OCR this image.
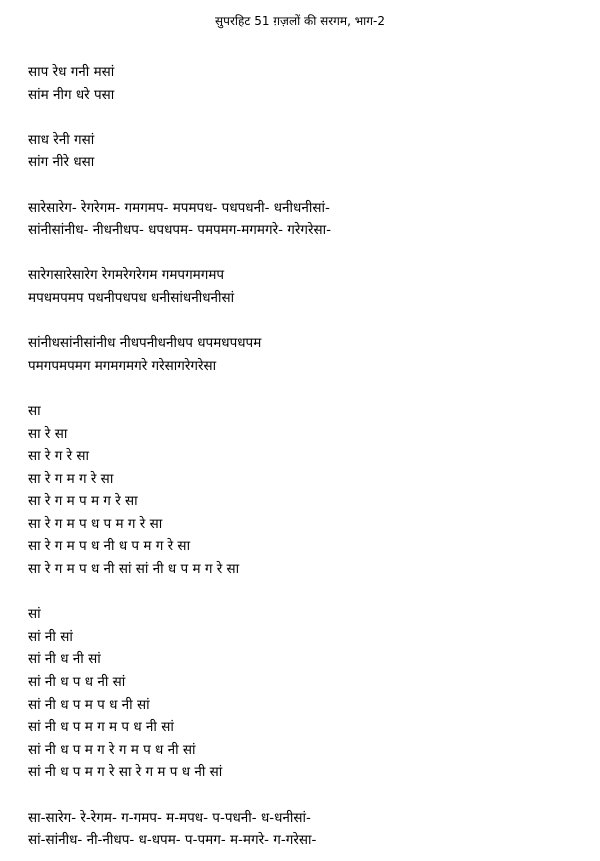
सुपरहिट 51 ग़ज़लों की सरगम, भाग-2
साप रेध गनी मसां
सांम नीग धरे पसा
साध रेनी गसां
सांग नीरे धसा
सारेसारेग- रेगरेगम- गमगमप- मपमपध- पधपधनी- धनीधनीसां-
सांनीसांनीध- नीधनीधप- धपधपम- पमपमग-मगमगरे- गरेगरेसा-
सारेगसारेसारेग रेगमरेगरेगम गमपगमगमप
मपधमपमप पधनीपधपध धनीसांधनीधनीसां
सांनीधसांनीसांनीध नीधपनीधनीधप धपमधपधपम
पमगपमपमग मगमगमगरे गरेसागरेगरेसा
सा
सा रे सा
सा रे ग रे सा
सा रे ग म ग रे सा
सा रे ग म प म ग रे सा
सा रे ग म प ध प म ग रे सा
सा रे ग म प ध नी ध प म ग रे सा
सा रे ग म प ध नी सां सां नी ध प म ग रे सा
सां
सां नी सां
सां नी ध नी सां
सां नी ध प ध नी सां
सां नी ध प म प ध नी सां
सां नी ध प म ग म प ध नी सां
सां नी ध प म ग रे ग म प ध नी सां
सां नी ध प म ग रे सा रे ग म प ध नी सां
सा-सारेग- रे-रेगम- ग-गमप- म-मपध- प-पधनी- ध-धनीसां-
सां-सांनीध- नी-नीधप- ध-धपम- प-पमग- म-मगरे- ग-गरेसा-
